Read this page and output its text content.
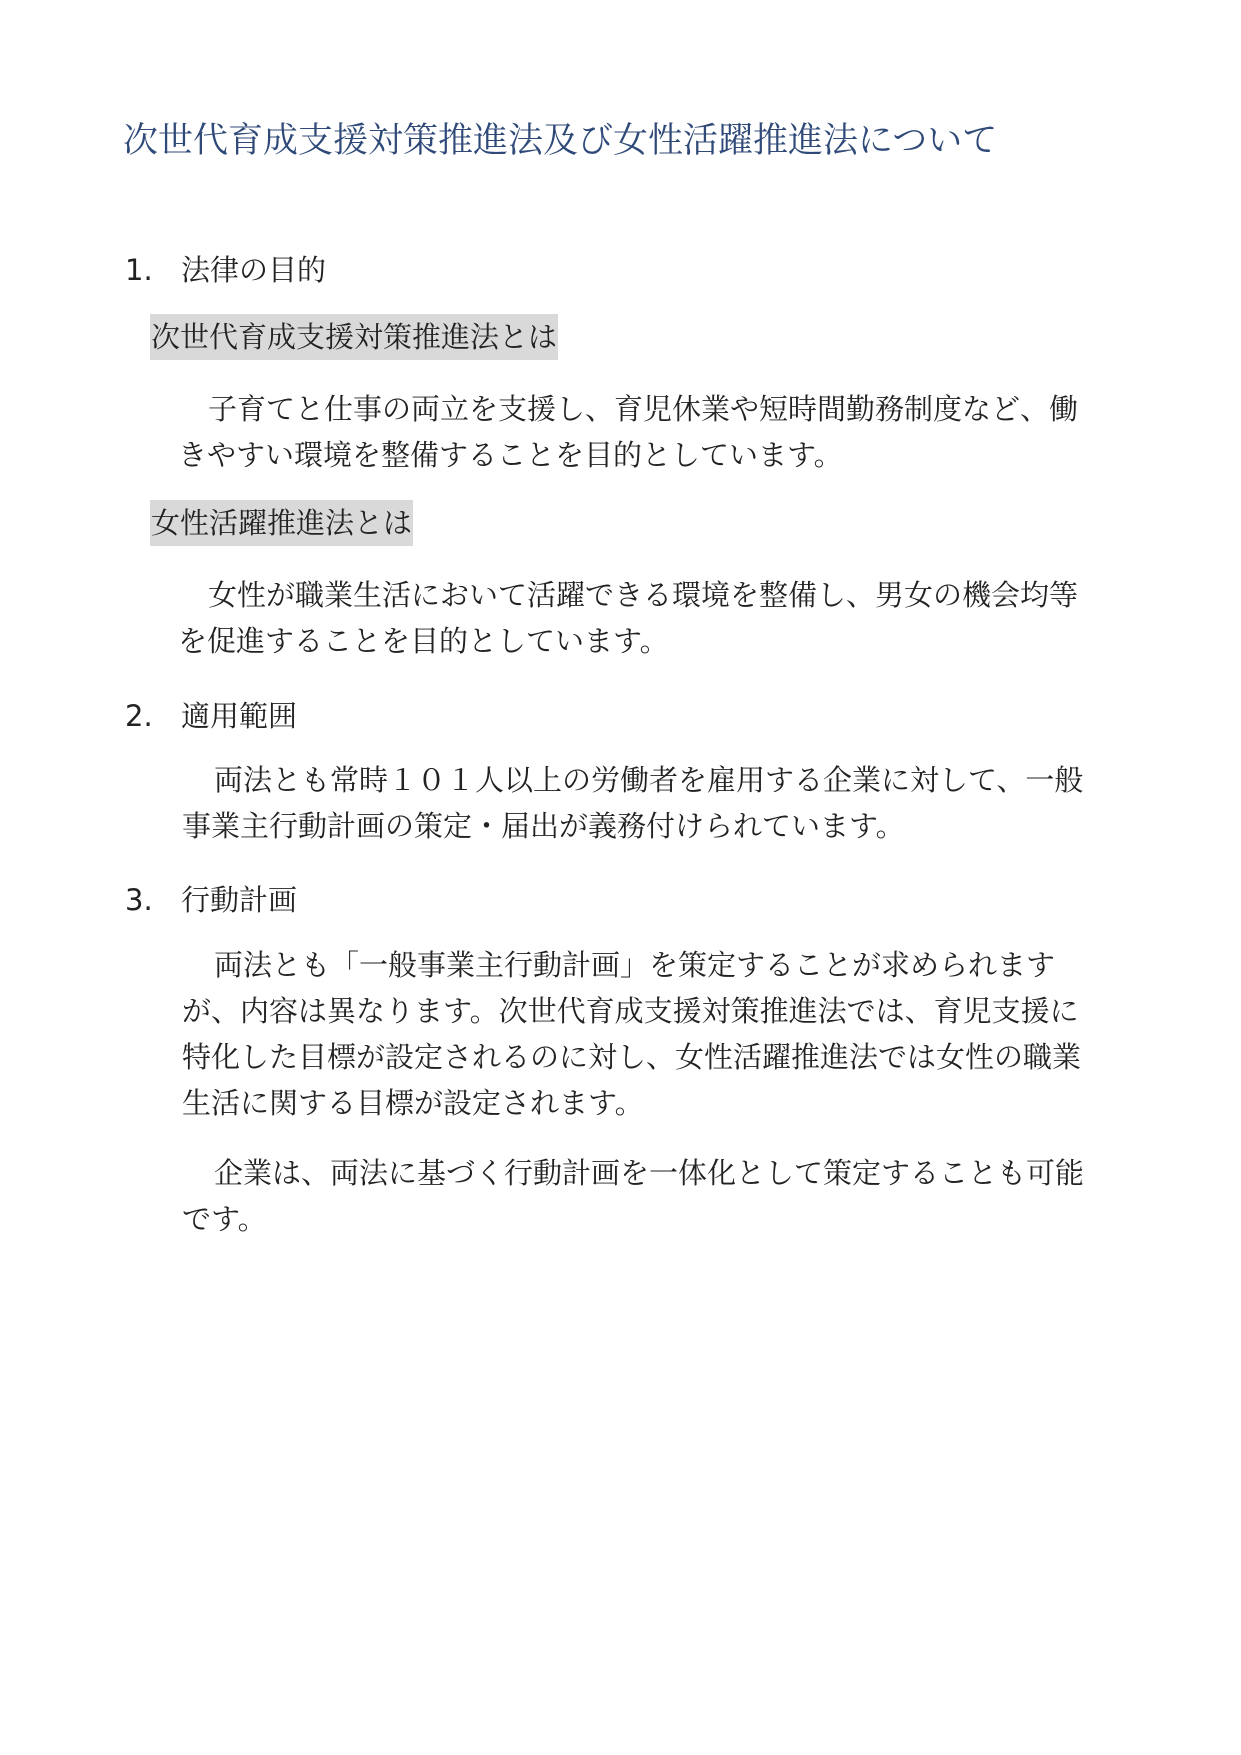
次世代育成支援対策推進法及び女性活躍推進法について
1. 法律の目的
次世代育成支援対策推進法とは
子育てと仕事の両立を支援し、育児休業や短時間勤務制度など、働
きやすい環境を整備することを目的としています。
女性活躍推進法とは
女性が職業生活において活躍できる環境を整備し、男女の機会均等
を促進することを目的としています。
2. 適用範囲
両法とも常時１０１人以上の労働者を雇用する企業に対して、一般
事業主行動計画の策定・届出が義務付けられています。
3. 行動計画
両法とも「一般事業主行動計画」を策定することが求められます
が、内容は異なります。次世代育成支援対策推進法では、育児支援に
特化した目標が設定されるのに対し、女性活躍推進法では女性の職業
生活に関する目標が設定されます。
企業は、両法に基づく行動計画を一体化として策定することも可能
です。
